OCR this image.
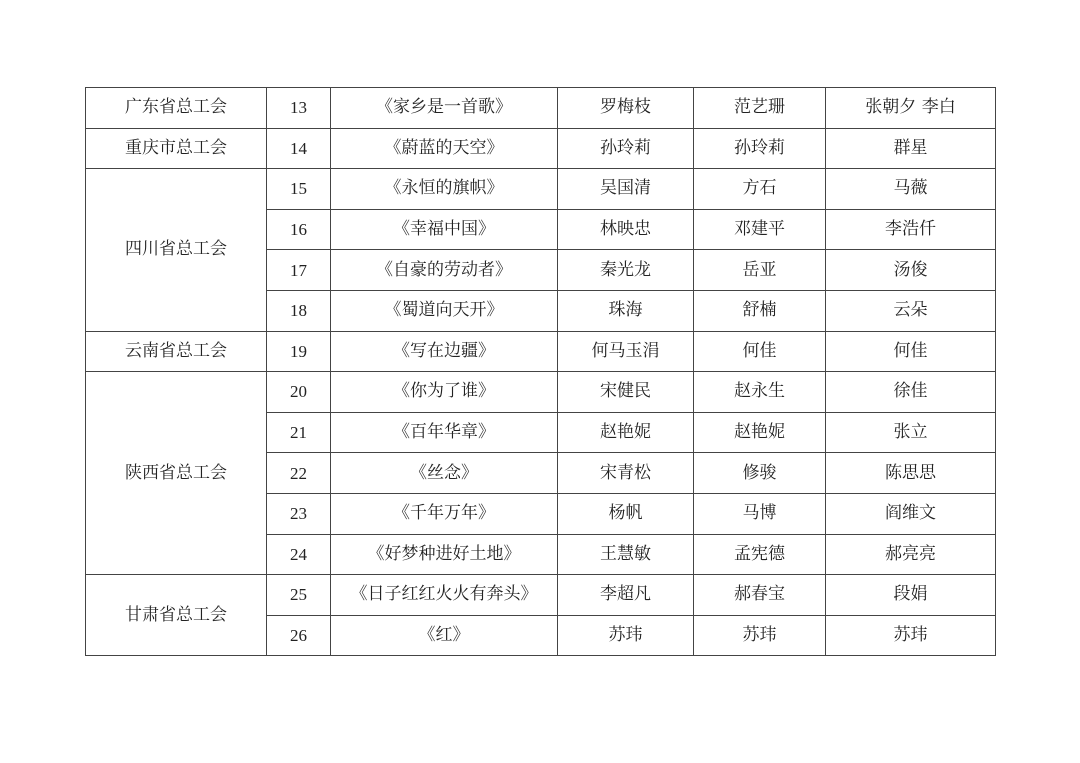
广东省总工会	13	《家乡是一首歌》	罗梅枝	范艺珊	张朝夕 李白
重庆市总工会	14	《蔚蓝的天空》	孙玲莉	孙玲莉	群星
四川省总工会	15	《永恒的旗帜》	吴国清	方石	马薇
	16	《幸福中国》	林映忠	邓建平	李浩仟
	17	《自豪的劳动者》	秦光龙	岳亚	汤俊
	18	《蜀道向天开》	珠海	舒楠	云朵
云南省总工会	19	《写在边疆》	何马玉涓	何佳	何佳
陕西省总工会	20	《你为了谁》	宋健民	赵永生	徐佳
	21	《百年华章》	赵艳妮	赵艳妮	张立
	22	《丝念》	宋青松	修骏	陈思思
	23	《千年万年》	杨帆	马博	阎维文
	24	《好梦种进好土地》	王慧敏	孟宪德	郝亮亮
甘肃省总工会	25	《日子红红火火有奔头》	李超凡	郝春宝	段娟
	26	《红》	苏玮	苏玮	苏玮
